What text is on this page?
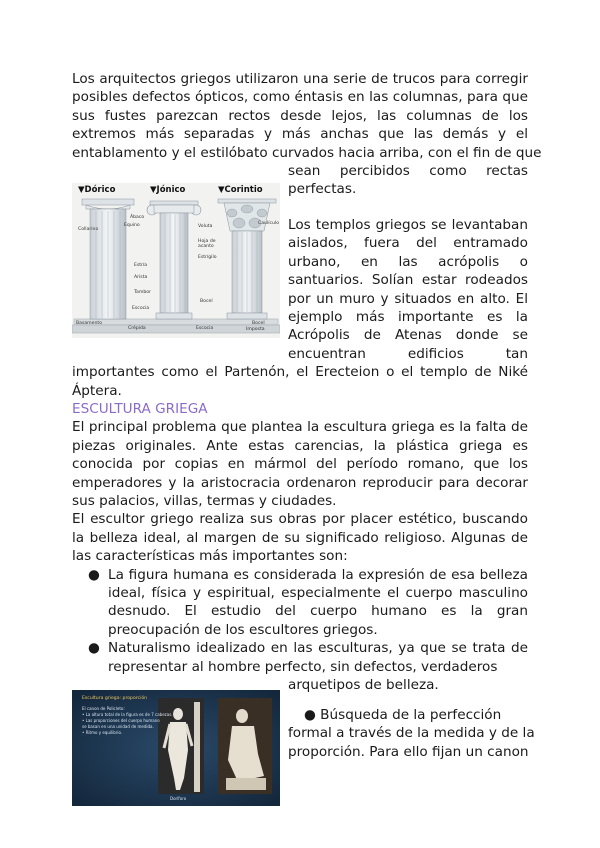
Los arquitectos griegos utilizaron una serie de trucos para corregir

posibles defectos ópticos, como éntasis en las columnas, para que

sus fustes parezcan rectos desde lejos, las columnas de los

extremos más separadas y más anchas que las demás y el

entablamento y el estilóbato curvados hacia arriba, con el fin de que

sean percibidos como rectas

perfectas.

▼Dórico	▼Jónico	▼Corintio
Ábaco
Equino
Collarino
Estría
Arista
Tambor
Escocia
Basamento
Crépida
Voluta
Hoja de acanto
Estrígilo
Bocel
Escocia
Caulículo
Bocel
Imposta

Los templos griegos se levantaban

aislados, fuera del entramado

urbano, en las acrópolis o

santuarios. Solían estar rodeados

por un muro y situados en alto. El

ejemplo más importante es la

Acrópolis de Atenas donde se

encuentran edificios tan

importantes como el Partenón, el Erecteion o el templo de Niké Áptera.

ESCULTURA GRIEGA

El principal problema que plantea la escultura griega es la falta de piezas originales. Ante estas carencias, la plástica griega es conocida por copias en mármol del período romano, que los emperadores y la aristocracia ordenaron reproducir para decorar sus palacios, villas, termas y ciudades.

El escultor griego realiza sus obras por placer estético, buscando la belleza ideal, al margen de su significado religioso. Algunas de las características más importantes son:

● La figura humana es considerada la expresión de esa belleza ideal, física y espiritual, especialmente el cuerpo masculino desnudo. El estudio del cuerpo humano es la gran preocupación de los escultores griegos.

● Naturalismo idealizado en las esculturas, ya que se trata de representar al hombre perfecto, sin defectos, verdaderos

arquetipos de belleza.

Escultura griega: proporción
El canon de Policleto:
• La altura total de la figura es de 7 cabezas.
• Las proporciones del cuerpo humano
se basan en una unidad de medida.
• Ritmo y equilibrio.
Doríforo

● Búsqueda de la perfección

formal a través de la medida y de la

proporción. Para ello fijan un canon
